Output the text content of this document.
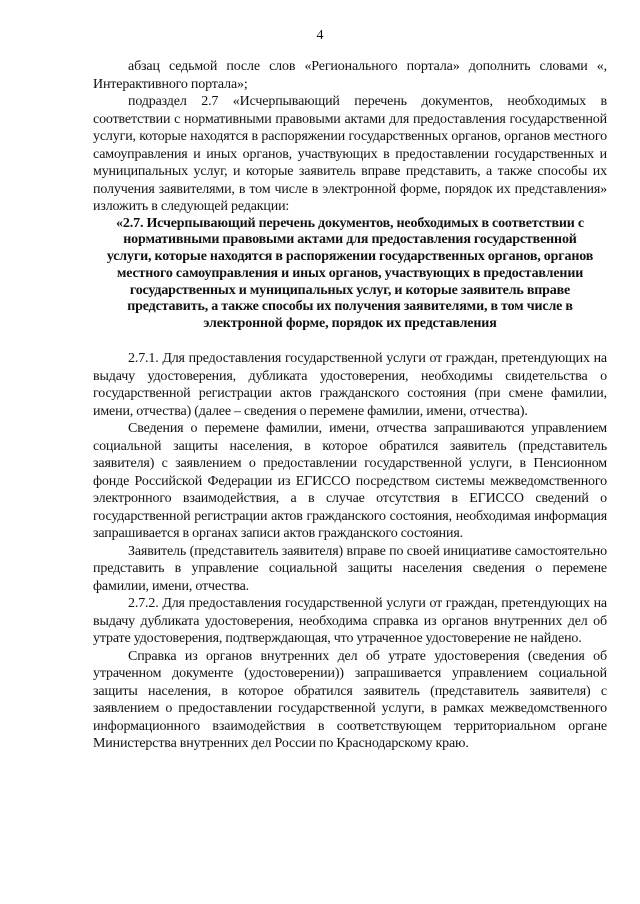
4

абзац седьмой после слов «Регионального портала» дополнить словами «, Интерактивного портала»;

подраздел 2.7 «Исчерпывающий перечень документов, необходимых в соответствии с нормативными правовыми актами для предоставления государственной услуги, которые находятся в распоряжении государственных органов, органов местного самоуправления и иных органов, участвующих в предоставлении государственных и муниципальных услуг, и которые заявитель вправе представить, а также способы их получения заявителями, в том числе в электронной форме, порядок их представления» изложить в следующей редакции:

«2.7. Исчерпывающий перечень документов, необходимых в соответствии с нормативными правовыми актами для предоставления государственной услуги, которые находятся в распоряжении государственных органов, органов местного самоуправления и иных органов, участвующих в предоставлении государственных и муниципальных услуг, и которые заявитель вправе представить, а также способы их получения заявителями, в том числе в электронной форме, порядок их представления

2.7.1. Для предоставления государственной услуги от граждан, претендующих на выдачу удостоверения, дубликата удостоверения, необходимы свидетельства о государственной регистрации актов гражданского состояния (при смене фамилии, имени, отчества) (далее – сведения о перемене фамилии, имени, отчества).

Сведения о перемене фамилии, имени, отчества запрашиваются управлением социальной защиты населения, в которое обратился заявитель (представитель заявителя) с заявлением о предоставлении государственной услуги, в Пенсионном фонде Российской Федерации из ЕГИССО посредством системы межведомственного электронного взаимодействия, а в случае отсутствия в ЕГИССО сведений о государственной регистрации актов гражданского состояния, необходимая информация запрашивается в органах записи актов гражданского состояния.

Заявитель (представитель заявителя) вправе по своей инициативе самостоятельно представить в управление социальной защиты населения сведения о перемене фамилии, имени, отчества.

2.7.2. Для предоставления государственной услуги от граждан, претендующих на выдачу дубликата удостоверения, необходима справка из органов внутренних дел об утрате удостоверения, подтверждающая, что утраченное удостоверение не найдено.

Справка из органов внутренних дел об утрате удостоверения (сведения об утраченном документе (удостоверении)) запрашивается управлением социальной защиты населения, в которое обратился заявитель (представитель заявителя) с заявлением о предоставлении государственной услуги, в рамках межведомственного информационного взаимодействия в соответствующем территориальном органе Министерства внутренних дел России по Краснодарскому краю.
